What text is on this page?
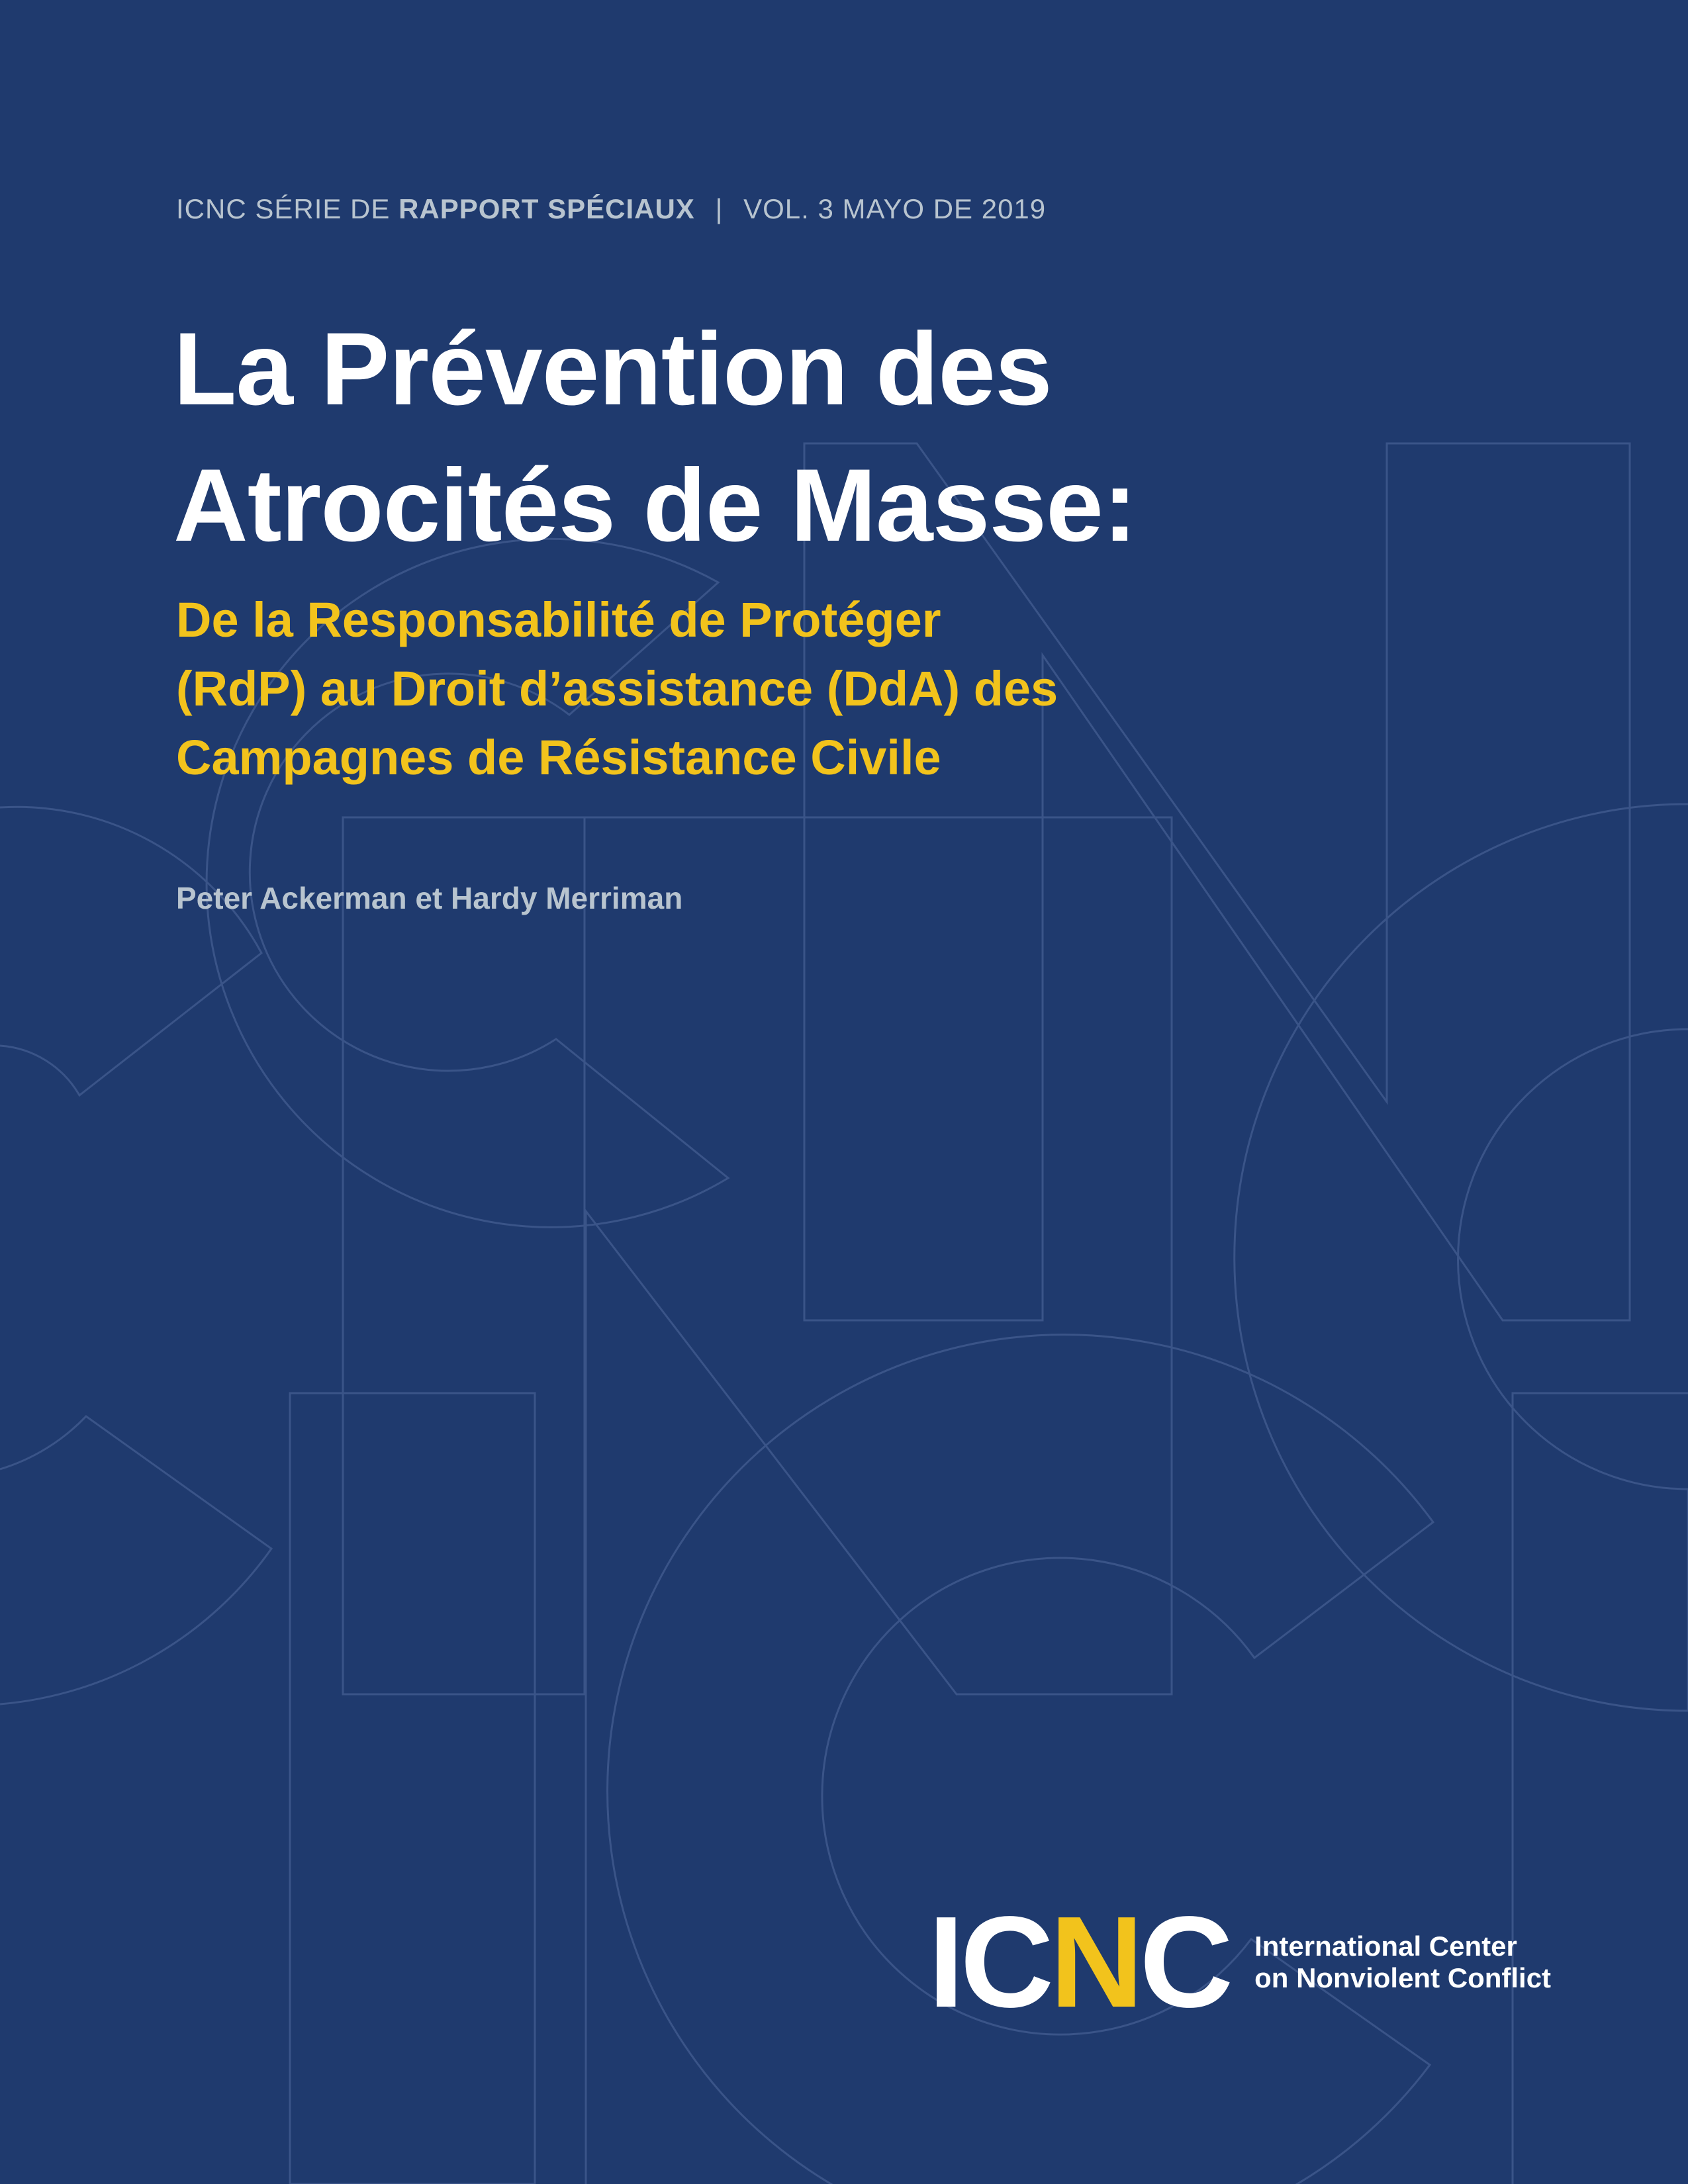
ICNC SÉRIE DE RAPPORT SPÉCIAUX | VOL. 3 MAYO DE 2019
La Prévention des
Atrocités de Masse:
De la Responsabilité de Protéger
(RdP) au Droit d’assistance (DdA) des
Campagnes de Résistance Civile
Peter Ackerman et Hardy Merriman
ICNC International Center
on Nonviolent Conflict
